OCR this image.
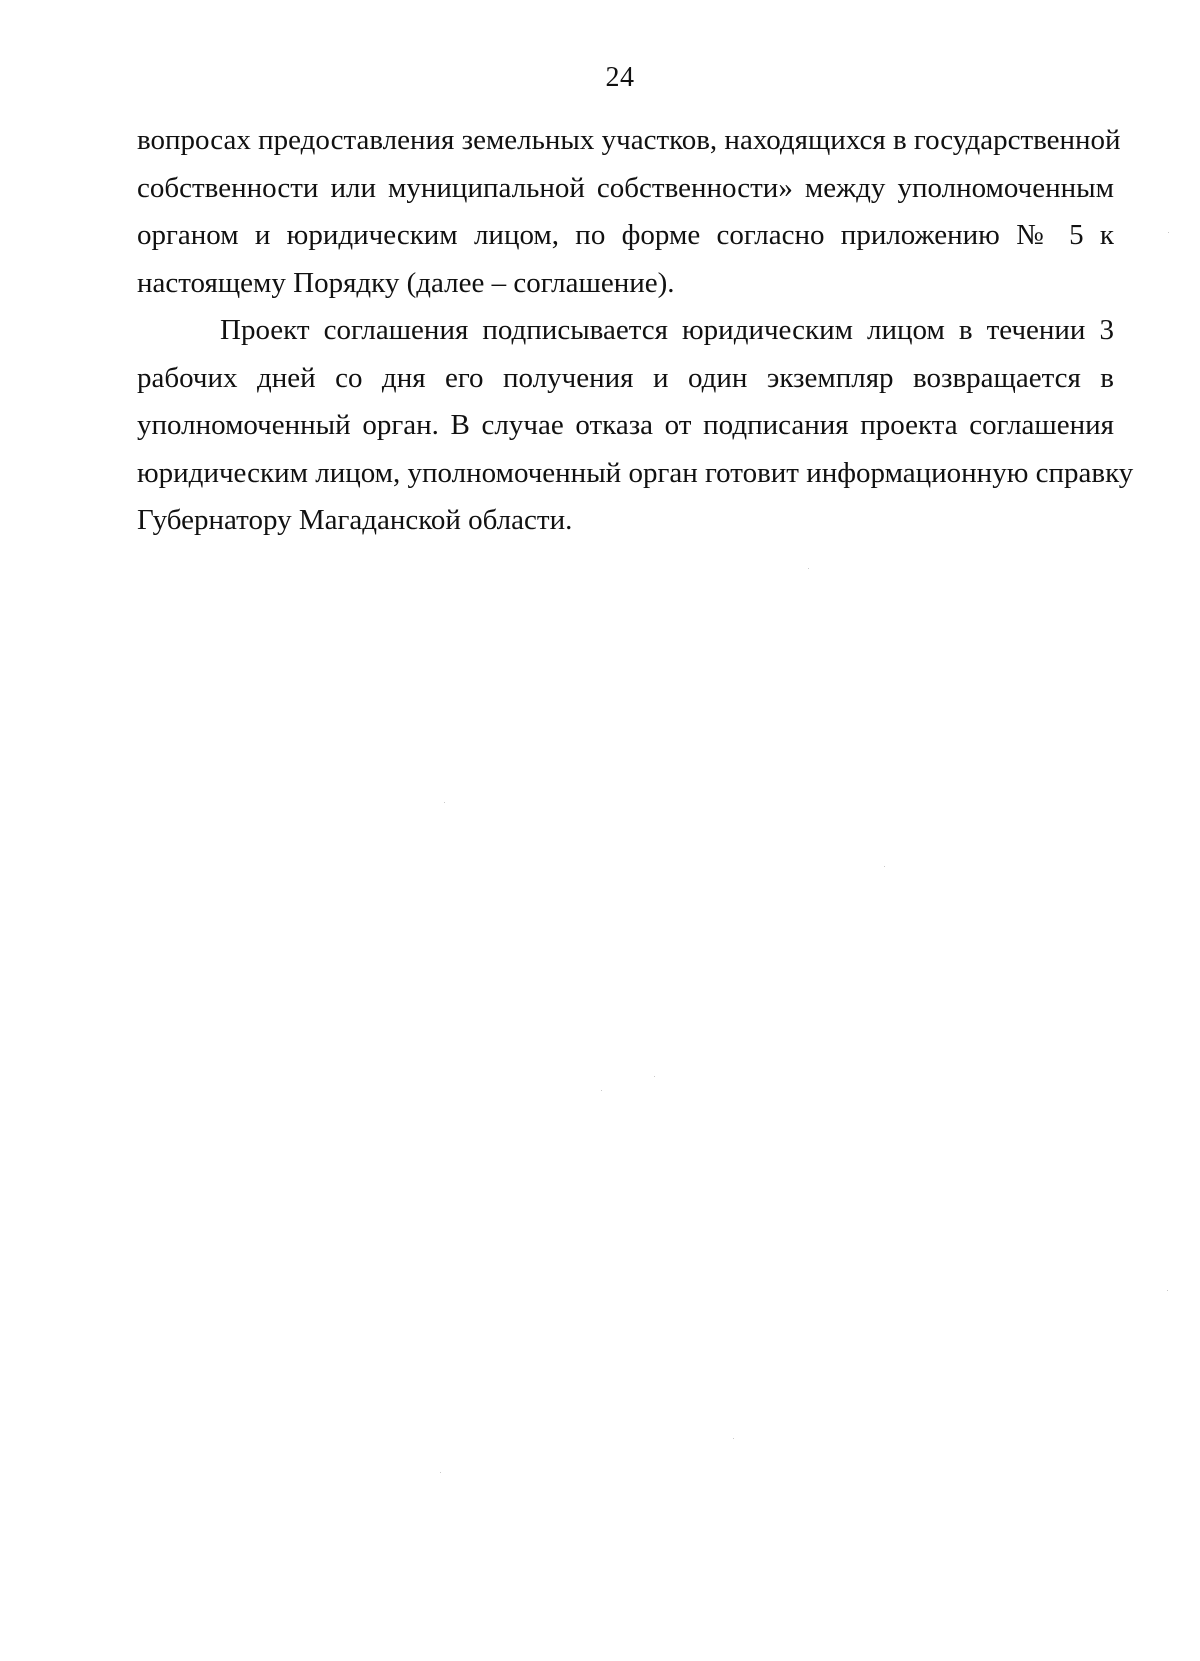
24
вопросах предоставления земельных участков, находящихся в государственной
собственности или муниципальной собственности» между уполномоченным
органом и юридическим лицом, по форме согласно приложению № 5 к
настоящему Порядку (далее – соглашение).
Проект соглашения подписывается юридическим лицом в течении 3
рабочих дней со дня его получения и один экземпляр возвращается в
уполномоченный орган. В случае отказа от подписания проекта соглашения
юридическим лицом, уполномоченный орган готовит информационную справку
Губернатору Магаданской области.
